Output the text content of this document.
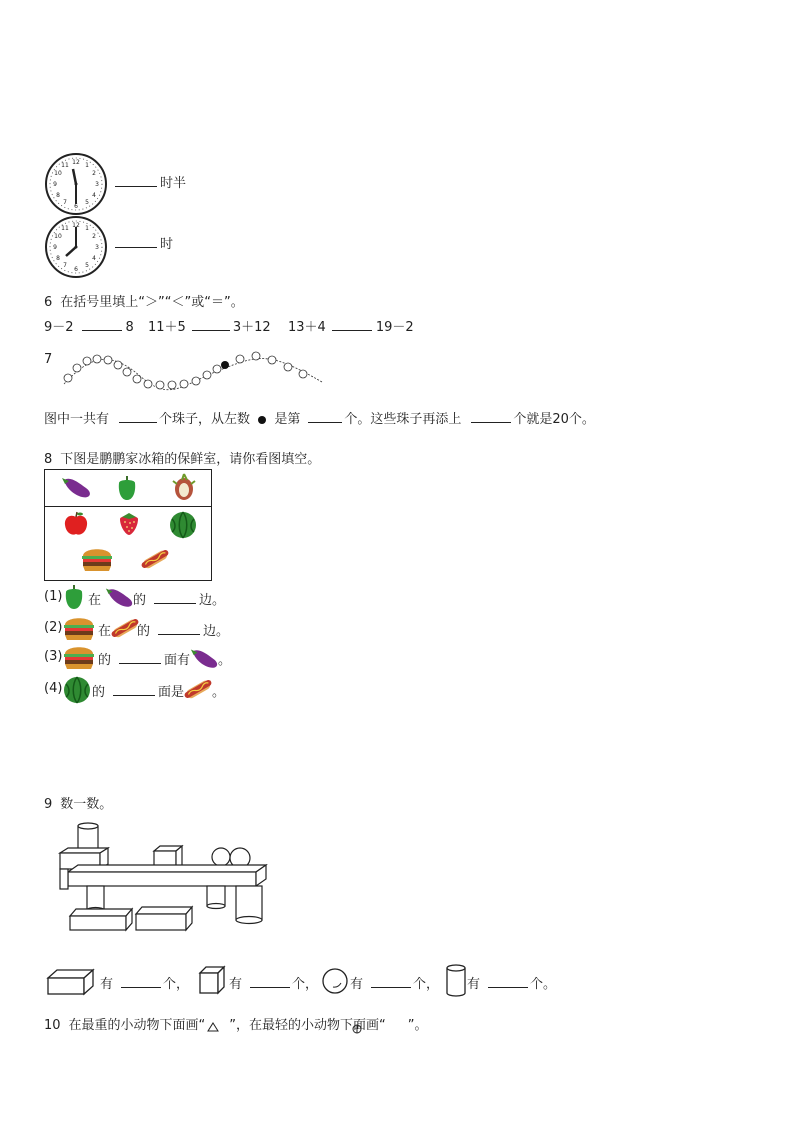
12 1
2
3
4
5
6
7
8
9
10
11
时半
12 1
2
3
4
5
6
7
8
9
10
11
时
6 在括号里填上“＞”“＜”或“＝”。
9－2	8 11＋5	3＋12 13＋4	19－2
7
图中一共有	个珠子，从左数 是第	个。这些珠子再添上	个就是20个。
8 下图是鹏鹏家冰箱的保鲜室，请你看图填空。
(1) 在 的	边。
(2)	在 的	边。
(3)	的	面有 。
(4) 的	面是 。
9 数一数。
有	个，	有	个， 有	个， 有	个。
10 在最重的小动物下面画“ ”，在最轻的小动物下面画“ ”。
